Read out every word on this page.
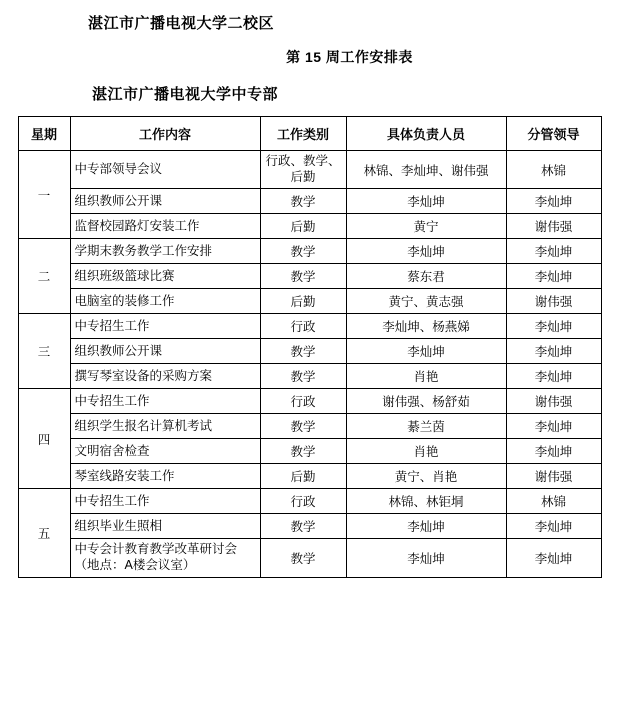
湛江市广播电视大学二校区
第 15 周工作安排表
湛江市广播电视大学中专部
星期	工作内容	工作类别	具体负责人员	分管领导
一	中专部领导会议	行政、教学、后勤	林锦、李灿坤、谢伟强	林锦
	组织教师公开课	教学	李灿坤	李灿坤
	监督校园路灯安装工作	后勤	黄宁	谢伟强
二	学期末教务教学工作安排	教学	李灿坤	李灿坤
	组织班级篮球比赛	教学	蔡东君	李灿坤
	电脑室的装修工作	后勤	黄宁、黄志强	谢伟强
三	中专招生工作	行政	李灿坤、杨燕娣	李灿坤
	组织教师公开课	教学	李灿坤	李灿坤
	撰写琴室设备的采购方案	教学	肖艳	李灿坤
四	中专招生工作	行政	谢伟强、杨舒茹	谢伟强
	组织学生报名计算机考试	教学	綦兰茵	李灿坤
	文明宿舍检查	教学	肖艳	李灿坤
	琴室线路安装工作	后勤	黄宁、肖艳	谢伟强
五	中专招生工作	行政	林锦、林钜垌	林锦
	组织毕业生照相	教学	李灿坤	李灿坤
	中专会计教育教学改革研讨会（地点：A楼会议室）	教学	李灿坤	李灿坤
